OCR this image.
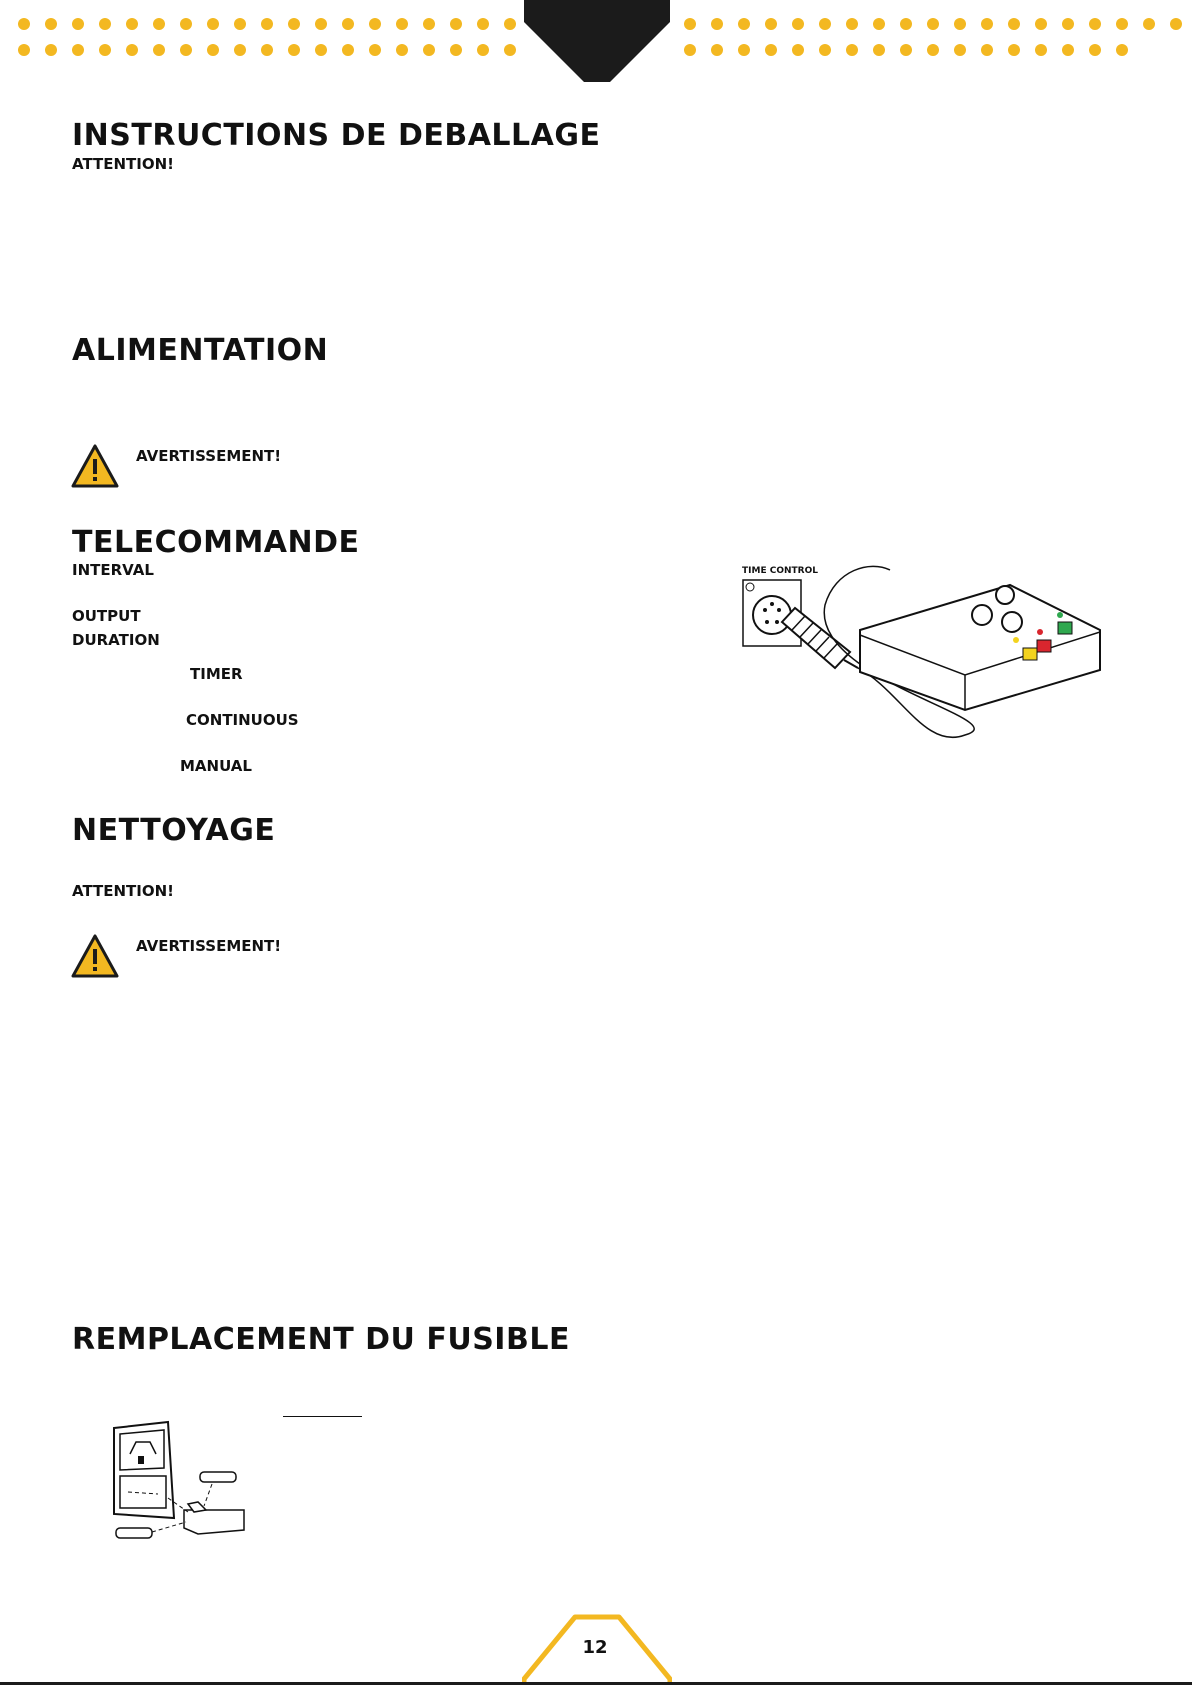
INSTRUCTIONS DE DEBALLAGE
ATTENTION!
ALIMENTATION
AVERTISSEMENT!
TELECOMMANDE
INTERVAL
OUTPUT
DURATION
TIMER
CONTINUOUS
MANUAL
TIME CONTROL
NETTOYAGE
ATTENTION!
AVERTISSEMENT!
REMPLACEMENT DU FUSIBLE
12
